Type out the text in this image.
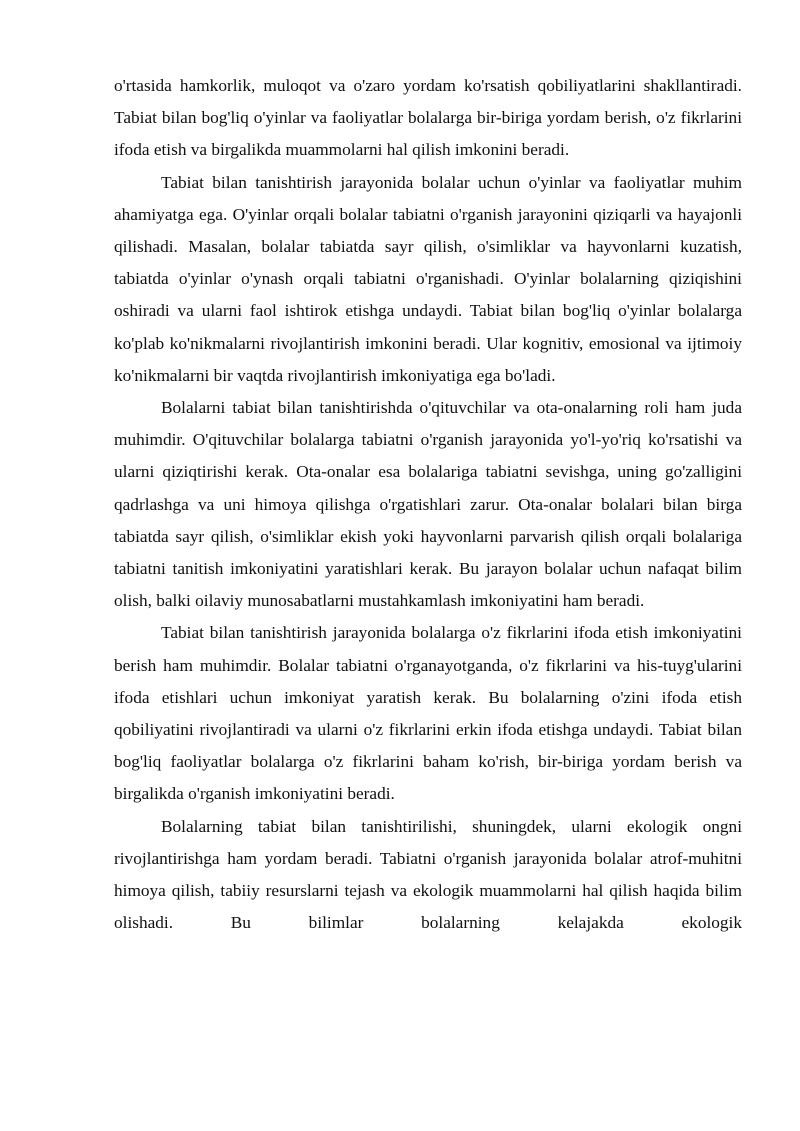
o'rtasida hamkorlik, muloqot va o'zaro yordam ko'rsatish qobiliyatlarini shakllantiradi. Tabiat bilan bog'liq o'yinlar va faoliyatlar bolalarga bir-biriga yordam berish, o'z fikrlarini ifoda etish va birgalikda muammolarni hal qilish imkonini beradi.

Tabiat bilan tanishtirish jarayonida bolalar uchun o'yinlar va faoliyatlar muhim ahamiyatga ega. O'yinlar orqali bolalar tabiatni o'rganish jarayonini qiziqarli va hayajonli qilishadi. Masalan, bolalar tabiatda sayr qilish, o'simliklar va hayvonlarni kuzatish, tabiatda o'yinlar o'ynash orqali tabiatni o'rganishadi. O'yinlar bolalarning qiziqishini oshiradi va ularni faol ishtirok etishga undaydi. Tabiat bilan bog'liq o'yinlar bolalarga ko'plab ko'nikmalarni rivojlantirish imkonini beradi. Ular kognitiv, emosional va ijtimoiy ko'nikmalarni bir vaqtda rivojlantirish imkoniyatiga ega bo'ladi.

Bolalarni tabiat bilan tanishtirishda o'qituvchilar va ota-onalarning roli ham juda muhimdir. O'qituvchilar bolalarga tabiatni o'rganish jarayonida yo'l-yo'riq ko'rsatishi va ularni qiziqtirishi kerak. Ota-onalar esa bolalariga tabiatni sevishga, uning go'zalligini qadrlashga va uni himoya qilishga o'rgatishlari zarur. Ota-onalar bolalari bilan birga tabiatda sayr qilish, o'simliklar ekish yoki hayvonlarni parvarish qilish orqali bolalariga tabiatni tanitish imkoniyatini yaratishlari kerak. Bu jarayon bolalar uchun nafaqat bilim olish, balki oilaviy munosabatlarni mustahkamlash imkoniyatini ham beradi.

Tabiat bilan tanishtirish jarayonida bolalarga o'z fikrlarini ifoda etish imkoniyatini berish ham muhimdir. Bolalar tabiatni o'rganayotganda, o'z fikrlarini va his-tuyg'ularini ifoda etishlari uchun imkoniyat yaratish kerak. Bu bolalarning o'zini ifoda etish qobiliyatini rivojlantiradi va ularni o'z fikrlarini erkin ifoda etishga undaydi. Tabiat bilan bog'liq faoliyatlar bolalarga o'z fikrlarini baham ko'rish, bir-biriga yordam berish va birgalikda o'rganish imkoniyatini beradi.

Bolalarning tabiat bilan tanishtirilishi, shuningdek, ularni ekologik ongni rivojlantirishga ham yordam beradi. Tabiatni o'rganish jarayonida bolalar atrof-muhitni himoya qilish, tabiiy resurslarni tejash va ekologik muammolarni hal qilish haqida bilim olishadi. Bu bilimlar bolalarning kelajakda ekologik
